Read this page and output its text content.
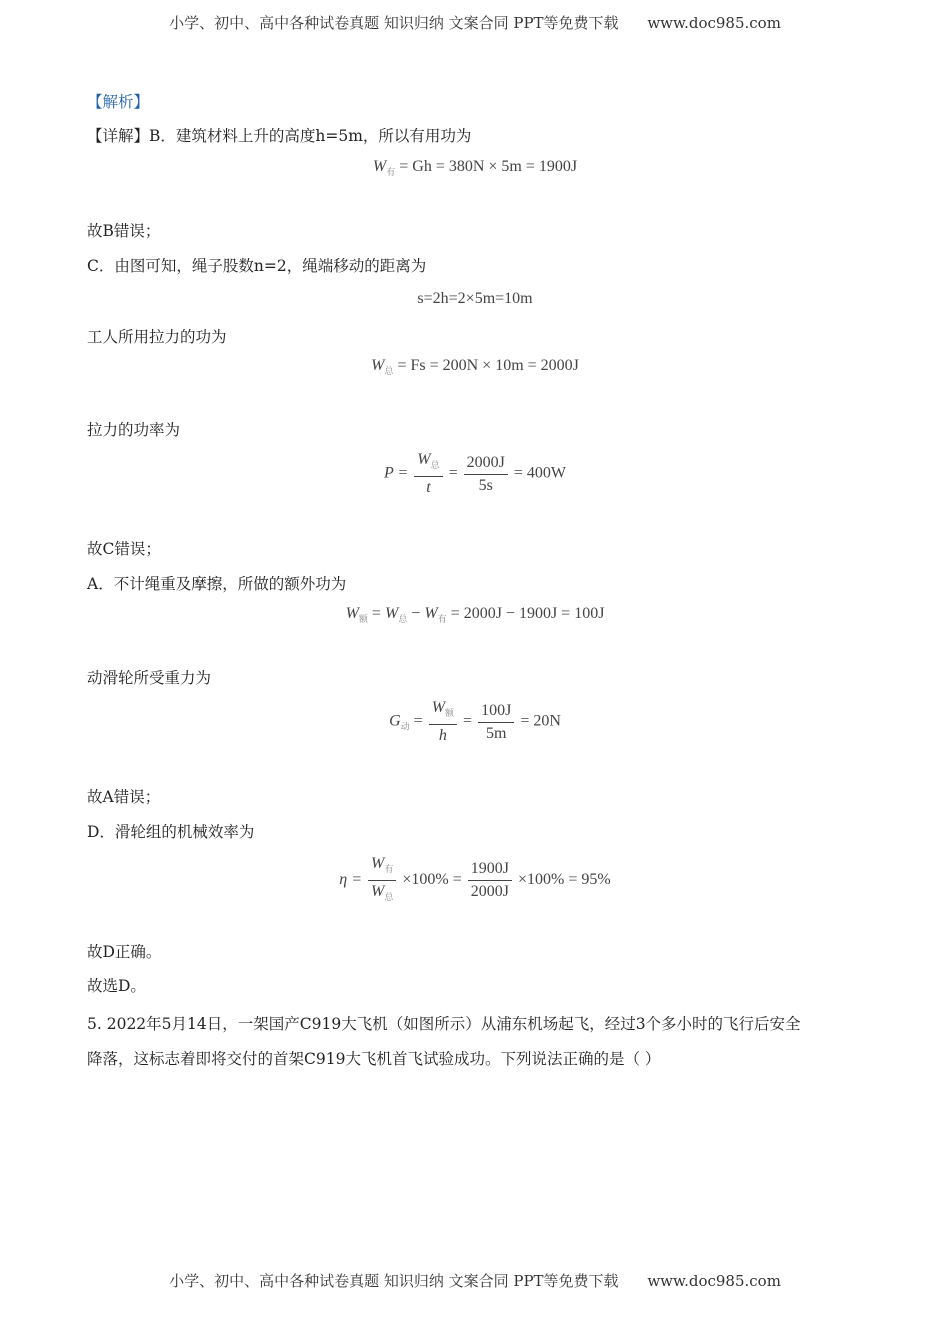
小学、初中、高中各种试卷真题 知识归纳 文案合同 PPT等免费下载 www.doc985.com
【解析】
【详解】B．建筑材料上升的高度h=5m，所以有用功为
$W_有 = Gh = 380N \times 5m = 1900J$
故B错误；
C．由图可知，绳子股数n=2，绳端移动的距离为
s=2h=2×5m=10m
工人所用拉力的功为
$W_总 = Fs = 200N \times 10m = 2000J$
拉力的功率为
$P = \frac{W_总}{t} = \frac{2000J}{5s} = 400W$
故C错误；
A．不计绳重及摩擦，所做的额外功为
$W_额 = W_总 - W_有 = 2000J - 1900J = 100J$
动滑轮所受重力为
$G_动 = \frac{W_额}{h} = \frac{100J}{5m} = 20N$
故A错误；
D．滑轮组的机械效率为
$\eta = \frac{W_有}{W_总} \times 100\% = \frac{1900J}{2000J} \times 100\% = 95\%$
故D正确。
故选D。
5. 2022年5月14日，一架国产C919大飞机（如图所示）从浦东机场起飞，经过3个多小时的飞行后安全
降落，这标志着即将交付的首架C919大飞机首飞试验成功。下列说法正确的是（ ）
小学、初中、高中各种试卷真题 知识归纳 文案合同 PPT等免费下载 www.doc985.com
